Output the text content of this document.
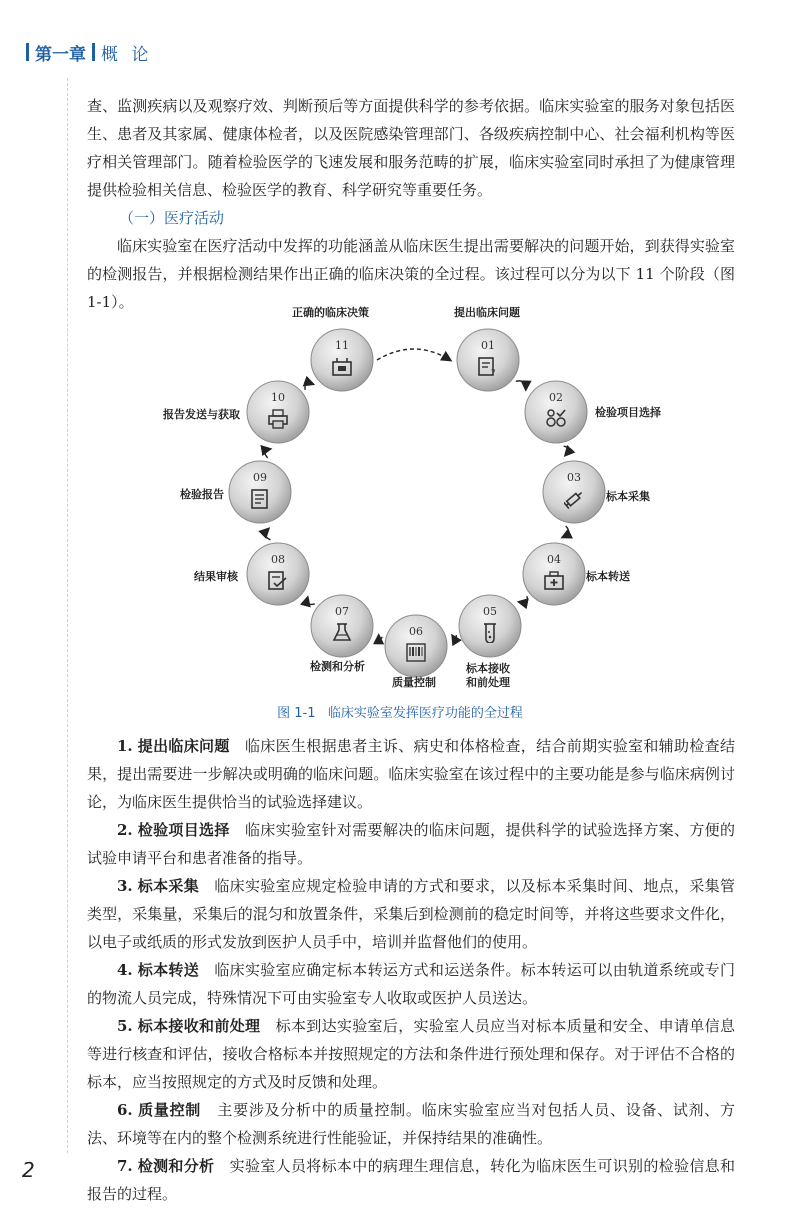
第一章 概 论

查、监测疾病以及观察疗效、判断预后等方面提供科学的参考依据。临床实验室的服务对象包括医生、患者及其家属、健康体检者，以及医院感染管理部门、各级疾病控制中心、社会福利机构等医疗相关管理部门。随着检验医学的飞速发展和服务范畴的扩展，临床实验室同时承担了为健康管理提供检验相关信息、检验医学的教育、科学研究等重要任务。

（一）医疗活动

临床实验室在医疗活动中发挥的功能涵盖从临床医生提出需要解决的问题开始，到获得实验室的检测报告，并根据检测结果作出正确的临床决策的全过程。该过程可以分为以下 11 个阶段（图 1-1）。

01
?
提出临床问题
02
检验项目选择
03
标本采集
04
标本转送
05
标本接收
和前处理
06
质量控制
07
检测和分析
08
结果审核
09
检验报告
10
报告发送与获取
11
正确的临床决策
图 1-1 临床实验室发挥医疗功能的全过程

1. 提出临床问题 临床医生根据患者主诉、病史和体格检查，结合前期实验室和辅助检查结果，提出需要进一步解决或明确的临床问题。临床实验室在该过程中的主要功能是参与临床病例讨论，为临床医生提供恰当的试验选择建议。

2. 检验项目选择 临床实验室针对需要解决的临床问题，提供科学的试验选择方案、方便的试验申请平台和患者准备的指导。

3. 标本采集 临床实验室应规定检验申请的方式和要求，以及标本采集时间、地点，采集管类型，采集量，采集后的混匀和放置条件，采集后到检测前的稳定时间等，并将这些要求文件化，以电子或纸质的形式发放到医护人员手中，培训并监督他们的使用。

4. 标本转送 临床实验室应确定标本转运方式和运送条件。标本转运可以由轨道系统或专门的物流人员完成，特殊情况下可由实验室专人收取或医护人员送达。

5. 标本接收和前处理 标本到达实验室后，实验室人员应当对标本质量和安全、申请单信息等进行核查和评估，接收合格标本并按照规定的方法和条件进行预处理和保存。对于评估不合格的标本，应当按照规定的方式及时反馈和处理。

6. 质量控制 主要涉及分析中的质量控制。临床实验室应当对包括人员、设备、试剂、方法、环境等在内的整个检测系统进行性能验证，并保持结果的准确性。

7. 检测和分析 实验室人员将标本中的病理生理信息，转化为临床医生可识别的检验信息和报告的过程。

2
